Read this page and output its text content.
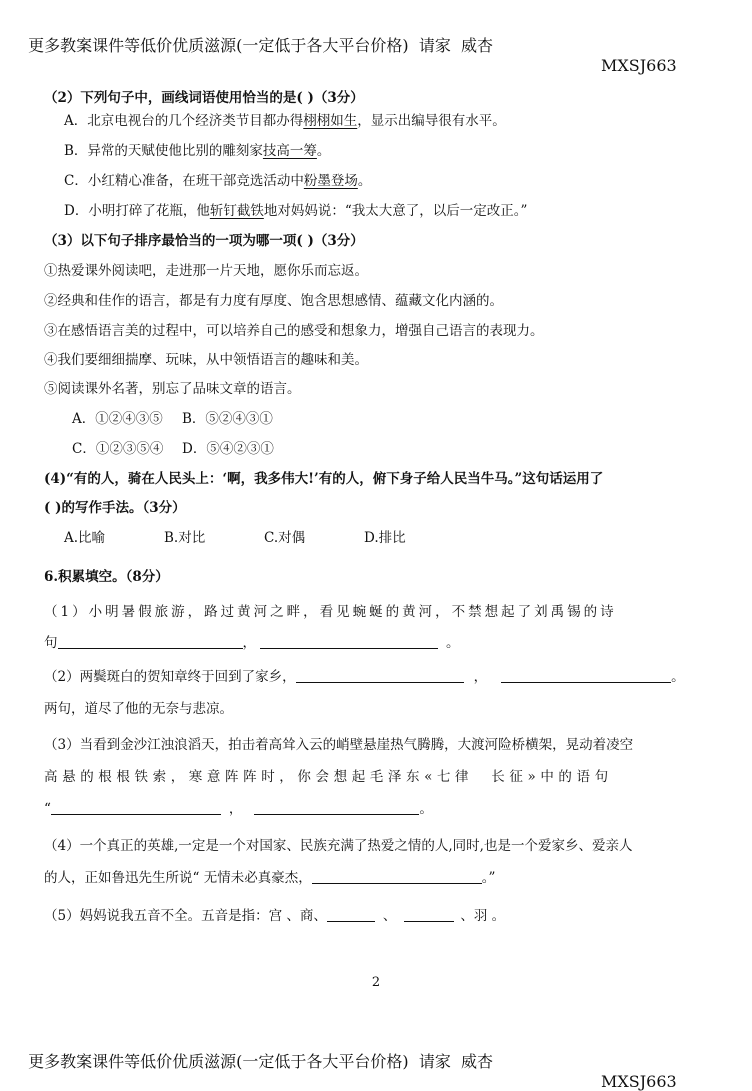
更多教案课件等低价优质滋源(一定低于各大平台价格)  请家  威杏

MXSJ663

（2）下列句子中，画线词语使用恰当的是( )（3分）
A．北京电视台的几个经济类节目都办得栩栩如生，显示出编导很有水平。
B．异常的天赋使他比别的雕刻家技高一筹。
C．小红精心准备，在班干部竞选活动中粉墨登场。
D．小明打碎了花瓶，他斩钉截铁地对妈妈说：“我太大意了，以后一定改正。”
（3）以下句子排序最恰当的一项为哪一项( )（3分）
①热爱课外阅读吧，走进那一片天地，愿你乐而忘返。
②经典和佳作的语言，都是有力度有厚度、饱含思想感情、蕴藏文化内涵的。
③在感悟语言美的过程中，可以培养自己的感受和想象力，增强自己语言的表现力。
④我们要细细揣摩、玩味，从中领悟语言的趣味和美。
⑤阅读课外名著，别忘了品味文章的语言。
A．①②④③⑤ B．⑤②④③①
C．①②③⑤④ D．⑤④②③①
(4)“有的人，骑在人民头上：‘啊，我多伟大!’有的人，俯下身子给人民当牛马。”这句话运用了
( )的写作手法。（3分）
A.比喻	B.对比	C.对偶	D.排比
6.积累填空。（8分）
（1）小明暑假旅游，路过黄河之畔，看见蜿蜒的黄河，不禁想起了刘禹锡的诗
句	，	。
（2）两鬓斑白的贺知章终于回到了家乡，	，	。
两句，道尽了他的无奈与悲凉。
（3）当看到金沙江浊浪滔天，拍击着高耸入云的峭壁悬崖热气腾腾，大渡河险桥横架，晃动着凌空
高悬的根根铁索，寒意阵阵时，你会想起毛泽东«七律　长征»中的语句
“	，	。
（4）一个真正的英雄,一定是一个对国家、民族充满了热爱之情的人,同时,也是一个爱家乡、爱亲人
的人，正如鲁迅先生所说“ 无情未必真豪杰，	。”
（5）妈妈说我五音不全。五音是指：宫 、商、	、	、羽 。
2

更多教案课件等低价优质滋源(一定低于各大平台价格)  请家  威杏

MXSJ663
